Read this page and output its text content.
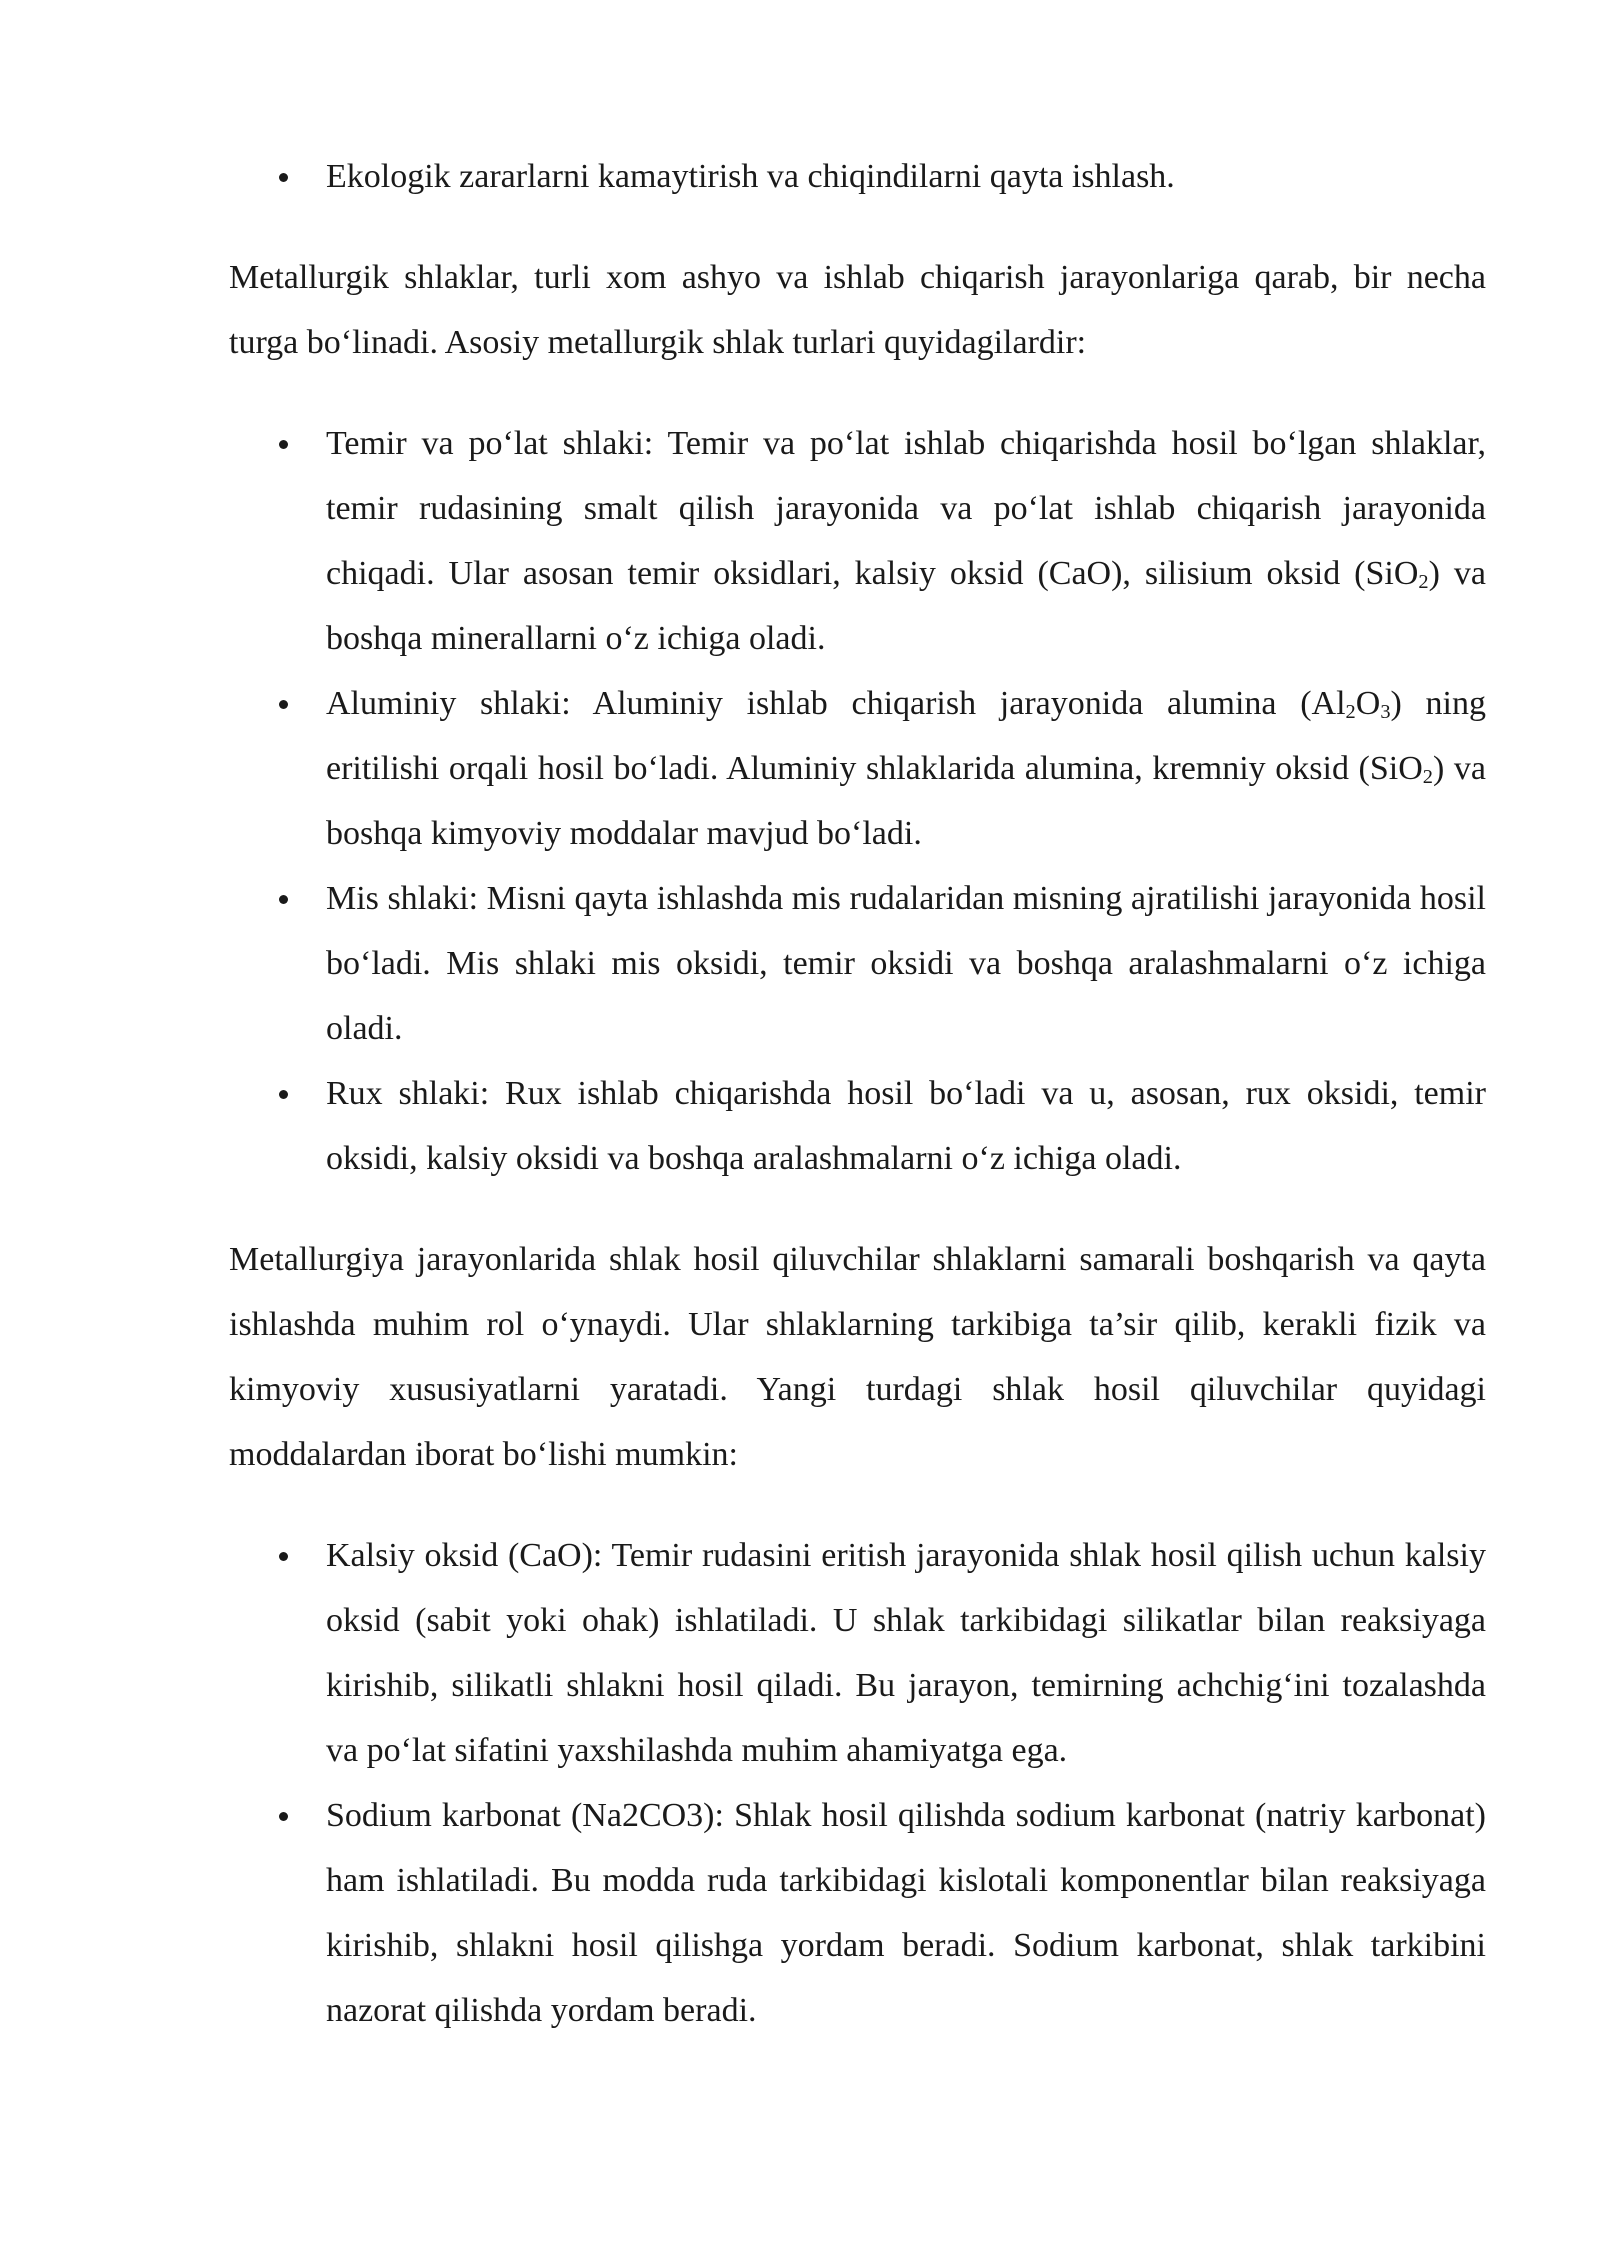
Ekologik zararlarni kamaytirish va chiqindilarni qayta ishlash.

Metallurgik shlaklar, turli xom ashyo va ishlab chiqarish jarayonlariga qarab, bir necha turga bo‘linadi. Asosiy metallurgik shlak turlari quyidagilardir:

Temir va po‘lat shlaki: Temir va po‘lat ishlab chiqarishda hosil bo‘lgan shlaklar, temir rudasining smalt qilish jarayonida va po‘lat ishlab chiqarish jarayonida chiqadi. Ular asosan temir oksidlari, kalsiy oksid (CaO), silisium oksid (SiO$_2$) va boshqa minerallarni o‘z ichiga oladi.
Aluminiy shlaki: Aluminiy ishlab chiqarish jarayonida alumina $(Al_2O_3)$ ning eritilishi orqali hosil bo‘ladi. Aluminiy shlaklarida alumina, kremniy oksid (SiO$_2$) va boshqa kimyoviy moddalar mavjud bo‘ladi.
Mis shlaki: Misni qayta ishlashda mis rudalaridan misning ajratilishi jarayonida hosil bo‘ladi. Mis shlaki mis oksidi, temir oksidi va boshqa aralashmalarni o‘z ichiga oladi.
Rux shlaki: Rux ishlab chiqarishda hosil bo‘ladi va u, asosan, rux oksidi, temir oksidi, kalsiy oksidi va boshqa aralashmalarni o‘z ichiga oladi.

Metallurgiya jarayonlarida shlak hosil qiluvchilar shlaklarni samarali boshqarish va qayta ishlashda muhim rol o‘ynaydi. Ular shlaklarning tarkibiga ta’sir qilib, kerakli fizik va kimyoviy xususiyatlarni yaratadi. Yangi turdagi shlak hosil qiluvchilar quyidagi moddalardan iborat bo‘lishi mumkin:

Kalsiy oksid (CaO): Temir rudasini eritish jarayonida shlak hosil qilish uchun kalsiy oksid (sabit yoki ohak) ishlatiladi. U shlak tarkibidagi silikatlar bilan reaksiyaga kirishib, silikatli shlakni hosil qiladi. Bu jarayon, temirning achchig‘ini tozalashda va po‘lat sifatini yaxshilashda muhim ahamiyatga ega.
Sodium karbonat (Na2CO3): Shlak hosil qilishda sodium karbonat (natriy karbonat) ham ishlatiladi. Bu modda ruda tarkibidagi kislotali komponentlar bilan reaksiyaga kirishib, shlakni hosil qilishga yordam beradi. Sodium karbonat, shlak tarkibini nazorat qilishda yordam beradi.
